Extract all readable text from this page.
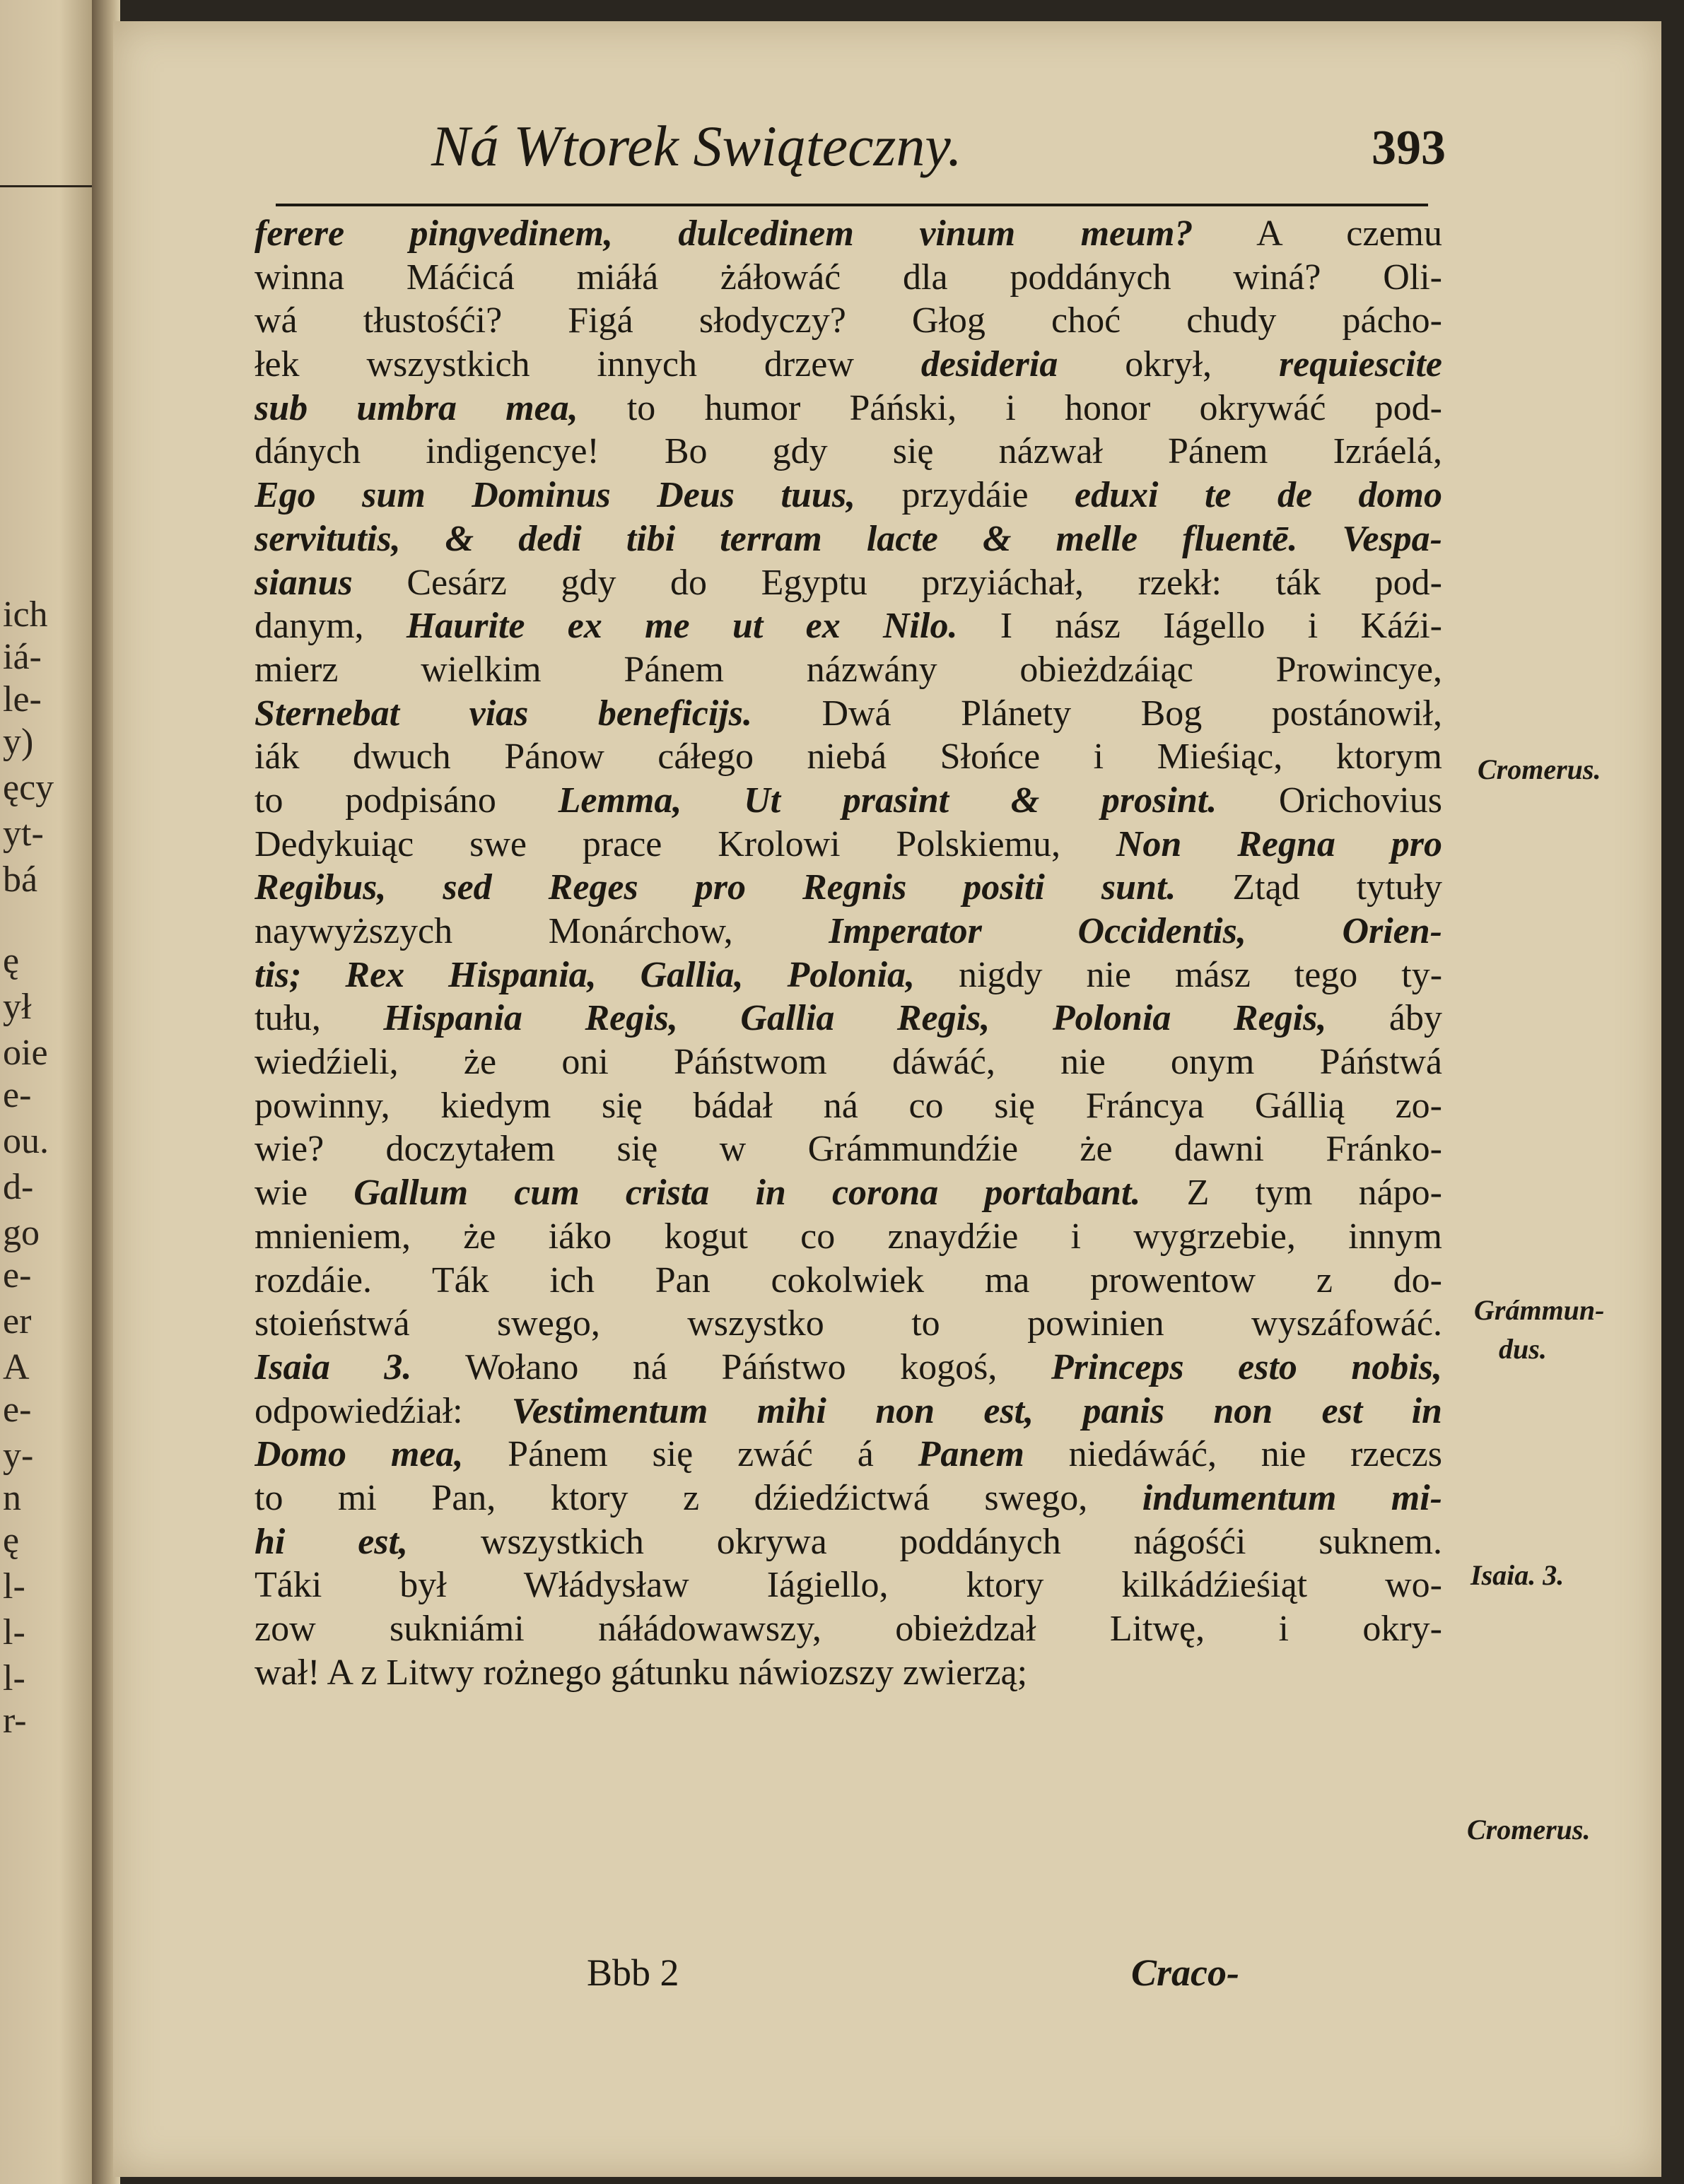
ich
iá-
le-
y)
ęcy
yt-
bá
ę
ył
oie
e-
ou.
d-
go
e-
er
A
e-
y-
n
ę
l-
l-
l-
r-
Ná Wtorek Swiąteczny.	393
ferere pingvedinem, dulcedinem vinum meum? A czemu
winna Máćicá miáłá żáłowáć dla poddánych winá? Oli-
wá tłustośći? Figá słodyczy? Głog choć chudy pácho-
łek wszystkich innych drzew desideria okrył, requiescite
sub umbra mea, to humor Páński, i honor okrywáć pod-
dánych indigencye! Bo gdy się názwał Pánem Izráelá,
Ego sum Dominus Deus tuus, przydáie eduxi te de domo
servitutis, & dedi tibi terram lacte & melle fluentē. Vespa-
sianus Cesárz gdy do Egyptu przyiáchał, rzekł: ták pod-
danym, Haurite ex me ut ex Nilo. I nász Iágello i Káźi-
mierz wielkim Pánem názwány obieżdzáiąc Prowincye,
Sternebat vias beneficijs. Dwá Plánety Bog postánowił,
iák dwuch Pánow cáłego niebá Słońce i Mieśiąc, ktorym
to podpisáno Lemma, Ut prasint & prosint. Orichovius
Dedykuiąc swe prace Krolowi Polskiemu, Non Regna pro
Regibus, sed Reges pro Regnis positi sunt. Ztąd tytuły
naywyższych Monárchow, Imperator Occidentis, Orien-
tis; Rex Hispania, Gallia, Polonia, nigdy nie mász tego ty-
tułu, Hispania Regis, Gallia Regis, Polonia Regis, áby
wiedźieli, że oni Páństwom dáwáć, nie onym Páństwá
powinny, kiedym się bádał ná co się Fráncya Gállią zo-
wie? doczytałem się w Grámmundźie że dawni Fránko-
wie Gallum cum crista in corona portabant. Z tym nápo-
mnieniem, że iáko kogut co znaydźie i wygrzebie, innym
rozdáie. Ták ich Pan cokolwiek ma prowentow z do-
stoieństwá swego, wszystko to powinien wyszáfowáć.
Isaia 3. Wołano ná Páństwo kogoś, Princeps esto nobis,
odpowiedźiał: Vestimentum mihi non est, panis non est in
Domo mea, Pánem się zwáć á Panem niedáwáć, nie rzeczs
to mi Pan, ktory z dźiedźictwá swego, indumentum mi-
hi est, wszystkich okrywa poddánych nágośći suknem.
Táki był Włádysław Iágiello, ktory kilkádźieśiąt wo-
zow sukniámi náłádowawszy, obieżdzał Litwę, i okry-
wał! A z Litwy rożnego gátunku náwiozszy zwierzą;
Cromerus.
Grámmun-
dus.
Isaia. 3.
Cromerus.
Bbb 2	Craco-
